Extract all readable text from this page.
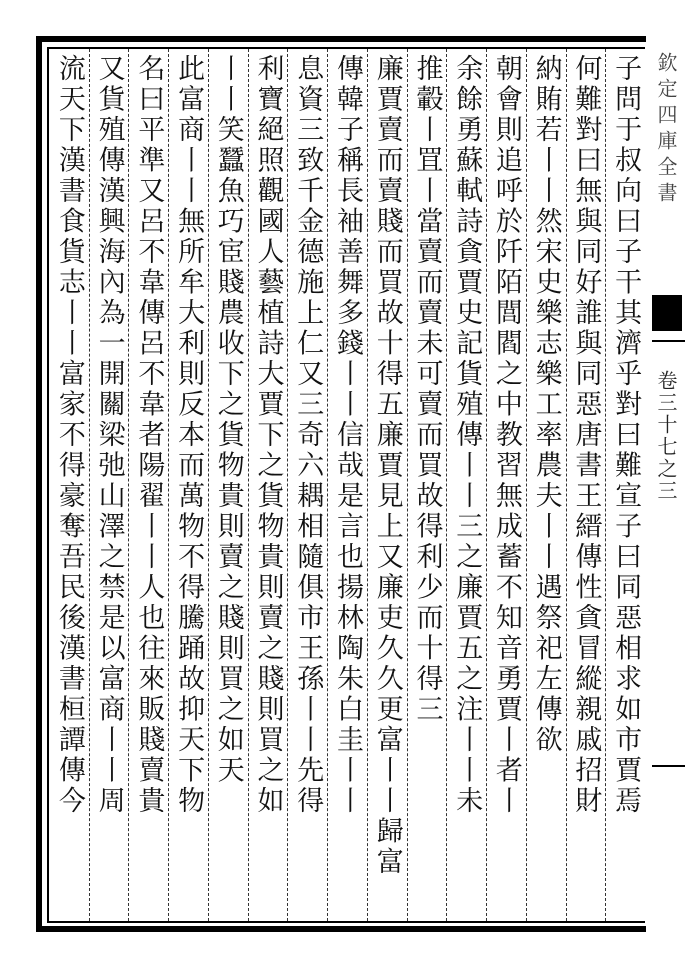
欽定四庫全書
卷三十七之三
子問于叔向曰子干其濟乎對曰難宣子曰同惡相求如市賈焉
何難對曰無與同好誰與同惡唐書王縉傳性貪冒縱親戚招財
納賄若丨丨然宋史樂志樂工率農夫丨丨遇祭祀左傳欲
朝會則追呼於阡陌閭閻之中教習無成蓄不知音勇賈丨者丨
余餘勇蘇軾詩貪賈史記貨殖傳丨丨三之廉賈五之注丨丨未
推轂丨罝丨當賣而賣未可賣而買故得利少而十得三
廉賈賣而賣賤而買故十得五廉賈見上又廉吏久久更富丨丨歸富
傳韓子稱長袖善舞多錢丨丨信哉是言也揚林陶朱白圭丨丨
息資三致千金德施上仁又三奇六耦相隨俱市王孫丨丨先得
利寶絕照觀國人藝植詩大賈下之貨物貴則賣之賤則買之如
丨丨笑蠶魚巧宦賤農收下之貨物貴則賣之賤則買之如天
此富商丨丨無所牟大利則反本而萬物不得騰踊故抑天下物
名曰平準又呂不韋傳呂不韋者陽翟丨丨人也往來販賤賣貴
又貨殖傳漢興海內為一開關梁弛山澤之禁是以富商丨丨周
流天下漢書食貨志丨丨富家不得豪奪吾民後漢書桓譚傳今
